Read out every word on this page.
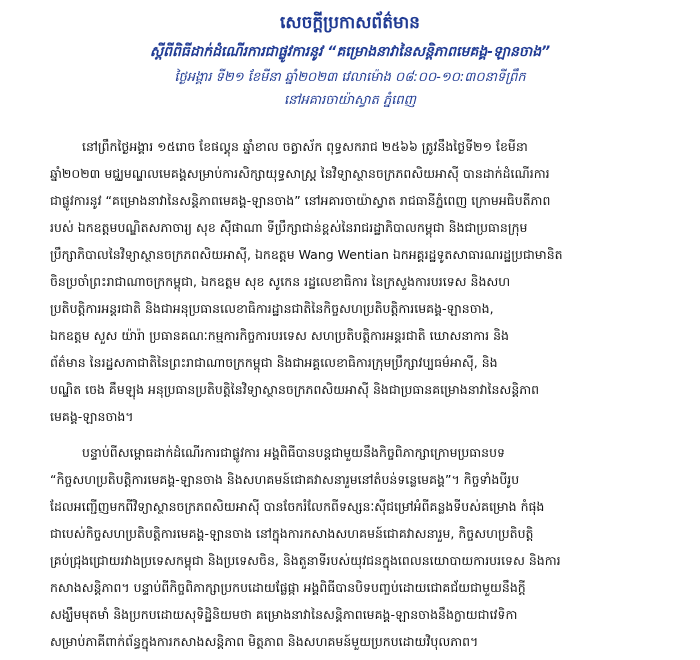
សេចក្តីប្រកាសព័ត៌មាន
ស្តីពីពិធីដាក់ដំណើរការជាផ្លូវការនូវ “គម្រោងនាវានៃសន្តិភាពមេគង្គ-ឡានចាង”
ថ្ងៃអង្គារ ទី២១ ខែមីនា ឆ្នាំ២០២៣ វេលាម៉ោង ០៨:០០-១០:៣០នាទីព្រឹក
នៅអគារចាយ៉ាស្វាត ភ្នំពេញ
នៅព្រឹកថ្ងៃអង្គារ ១៥រោច ខែផល្គុន ឆ្នាំខាល ចត្វាស័ក ពុទ្ធសករាជ ២៥៦៦ ត្រូវនឹងថ្ងៃទី២១ ខែមីនា
ឆ្នាំ២០២៣ មជ្ឈមណ្ឌលមេគង្គសម្រាប់ការសិក្សាយុទ្ធសាស្ត្រ នៃវិទ្យាស្ថានចក្រភពសិយអាស៊ី បានដាក់ដំណើរការ
ជាផ្លូវការនូវ “គម្រោងនាវានៃសន្តិភាពមេគង្គ-ឡានចាង” នៅអគារចាយ៉ាស្វាត រាជធានីភ្នំពេញ ក្រោមអធិបតីភាព
របស់ ឯកឧត្តមបណ្ឌិតសភាចារ្យ សុខ ស៊ីផាណា ទីប្រឹក្សាជាន់ខ្ពស់នៃរាជរដ្ឋាភិបាលកម្ពុជា និងជាប្រធានក្រុម
ប្រឹក្សាភិបាលនៃវិទ្យាស្ថានចក្រភពសិយអាស៊ី, ឯកឧត្តម Wang Wentian ឯកអគ្គរដ្ឋទូតសាធារណរដ្ឋប្រជាមានិត
ចិនប្រចាំព្រះរាជាណាចក្រកម្ពុជា, ឯកឧត្តម សុខ សូកេន រដ្ឋលេខាធិការ នៃក្រសួងការបរទេស និងសហ
ប្រតិបត្តិការអន្តរជាតិ និងជាអនុប្រធានលេខាធិការដ្ឋានជាតិនៃកិច្ចសហប្រតិបត្តិការមេគង្គ-ឡានចាង,
ឯកឧត្តម សួស យ៉ារ៉ា ប្រធានគណៈកម្មការកិច្ចការបរទេស សហប្រតិបត្តិការអន្តរជាតិ ឃោសនាការ និង
ព័ត៌មាន នៃរដ្ឋសភាជាតិនៃព្រះរាជាណាចក្រកម្ពុជា និងជាអគ្គលេខាធិការក្រុមប្រឹក្សាវប្បធម៌អាស៊ី, និង
បណ្ឌិត ចេង គឹមឡុង អនុប្រធានប្រតិបត្តិនៃវិទ្យាស្ថានចក្រភពសិយអាស៊ី និងជាប្រធានគម្រោងនាវានៃសន្តិភាព
មេគង្គ-ឡានចាង។
បន្ទាប់ពីសម្ពោធដាក់ដំណើរការជាផ្លូវការ អង្គពិធីបានបន្តជាមួយនឹងកិច្ចពិភាក្សាក្រោមប្រធានបទ
“កិច្ចសហប្រតិបត្តិការមេគង្គ-ឡានចាង និងសហគមន៍ជោគវាសនារួមនៅតំបន់ទន្លេមេគង្គ”។ កិច្ចទាំងបីរូប
ដែលអញ្ជើញមកពីវិទ្យាស្ថានចក្រភពសិយអាស៊ី បានចែករំលែកពីទស្សនៈស៊ីជម្រៅអំពីគន្លងទីបស់គម្រោង កំផុង
ជាបេស់កិច្ចសហប្រតិបត្តិការមេគង្គ-ឡានចាង នៅក្នុងការកសាងសហគមន៍ជោគវាសនារួម, កិច្ចសហប្រតិបត្តិ
គ្រប់ជ្រុងជ្រោយរវាងប្រទេសកម្ពុជា និងប្រទេសចិន, និងតួនាទីរបស់យុវជនក្នុងពេលនយោបាយការបរទេស និងការ
កសាងសន្តិភាព។ បន្ទាប់ពីកិច្ចពិភាក្សាប្រកបដោយផ្លែផ្កា អង្គពិធីបានបិទបញ្ចប់ដោយជោគជ័យជាមួយនឹងក្តី
សង្ឃឹមមុតមាំ និងប្រកបដោយសុទិដ្ឋិនិយមថា គម្រោងនាវានៃសន្តិភាពមេគង្គ-ឡានចាងនឹងក្លាយជាវេទិកា
សម្រាប់ភាគីពាក់ព័ន្ធក្នុងការកសាងសន្តិភាព មិត្តភាព និងសហគមន៍មួយប្រកបដោយវិបុលភាព។
